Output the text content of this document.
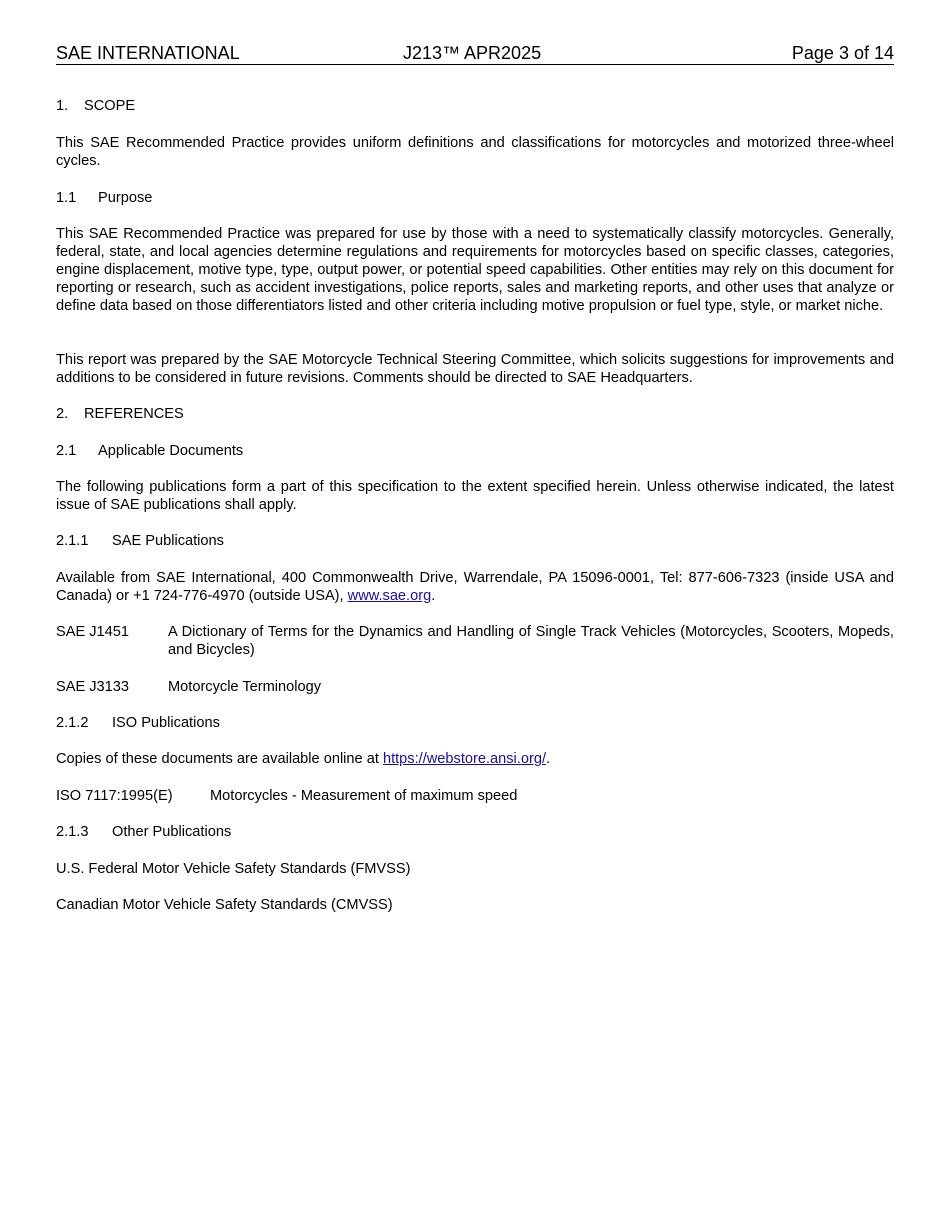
SAE INTERNATIONAL	J213™ APR2025	Page 3 of 14

1. SCOPE

This SAE Recommended Practice provides uniform definitions and classifications for motorcycles and motorized three-wheel cycles.

1.1 Purpose

This SAE Recommended Practice was prepared for use by those with a need to systematically classify motorcycles. Generally, federal, state, and local agencies determine regulations and requirements for motorcycles based on specific classes, categories, engine displacement, motive type, type, output power, or potential speed capabilities. Other entities may rely on this document for reporting or research, such as accident investigations, police reports, sales and marketing reports, and other uses that analyze or define data based on those differentiators listed and other criteria including motive propulsion or fuel type, style, or market niche.

This report was prepared by the SAE Motorcycle Technical Steering Committee, which solicits suggestions for improvements and additions to be considered in future revisions. Comments should be directed to SAE Headquarters.

2. REFERENCES

2.1 Applicable Documents

The following publications form a part of this specification to the extent specified herein. Unless otherwise indicated, the latest issue of SAE publications shall apply.

2.1.1 SAE Publications

Available from SAE International, 400 Commonwealth Drive, Warrendale, PA 15096-0001, Tel: 877-606-7323 (inside USA and Canada) or +1 724-776-4970 (outside USA), www.sae.org.

SAE J1451	A Dictionary of Terms for the Dynamics and Handling of Single Track Vehicles (Motorcycles, Scooters, Mopeds, and Bicycles)
SAE J3133	Motorcycle Terminology

2.1.2 ISO Publications

Copies of these documents are available online at https://webstore.ansi.org/.

ISO 7117:1995(E)	Motorcycles - Measurement of maximum speed

2.1.3 Other Publications

U.S. Federal Motor Vehicle Safety Standards (FMVSS)

Canadian Motor Vehicle Safety Standards (CMVSS)
